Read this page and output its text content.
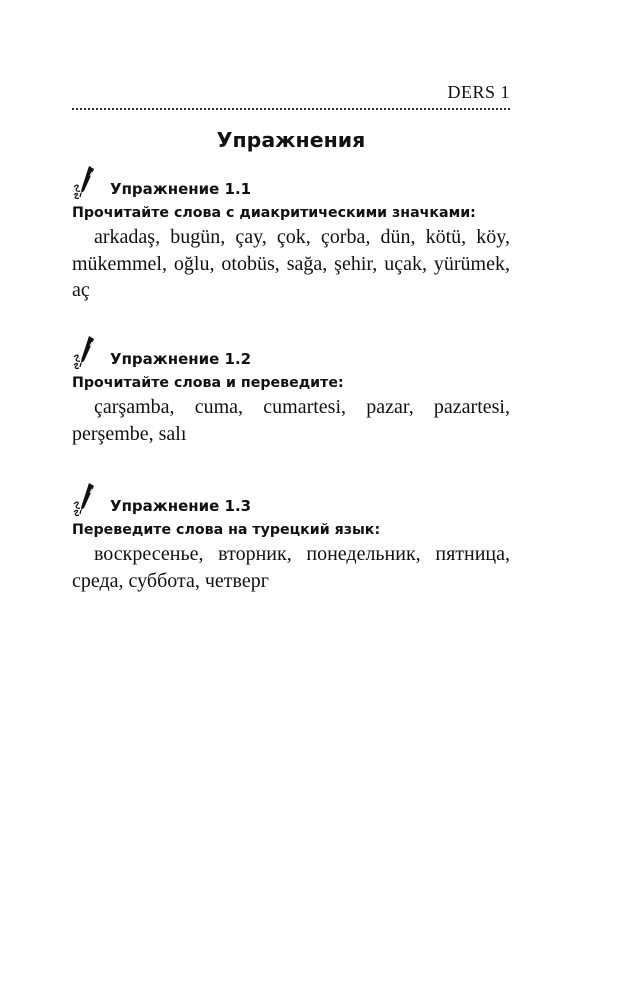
DERS 1
Упражнения
Упражнение 1.1
Прочитайте слова с диакритическими значками:
arkadaş, bugün, çay, çok, çorba, dün, kötü, köy, mükemmel, oğlu, otobüs, sağa, şehir, uçak, yürümek, aç
Упражнение 1.2
Прочитайте слова и переведите:
çarşamba, cuma, cumartesi, pazar, pazartesi, perşembe, salı
Упражнение 1.3
Переведите слова на турецкий язык:
воскресенье, вторник, понедельник, пятница, среда, суббота, четверг
